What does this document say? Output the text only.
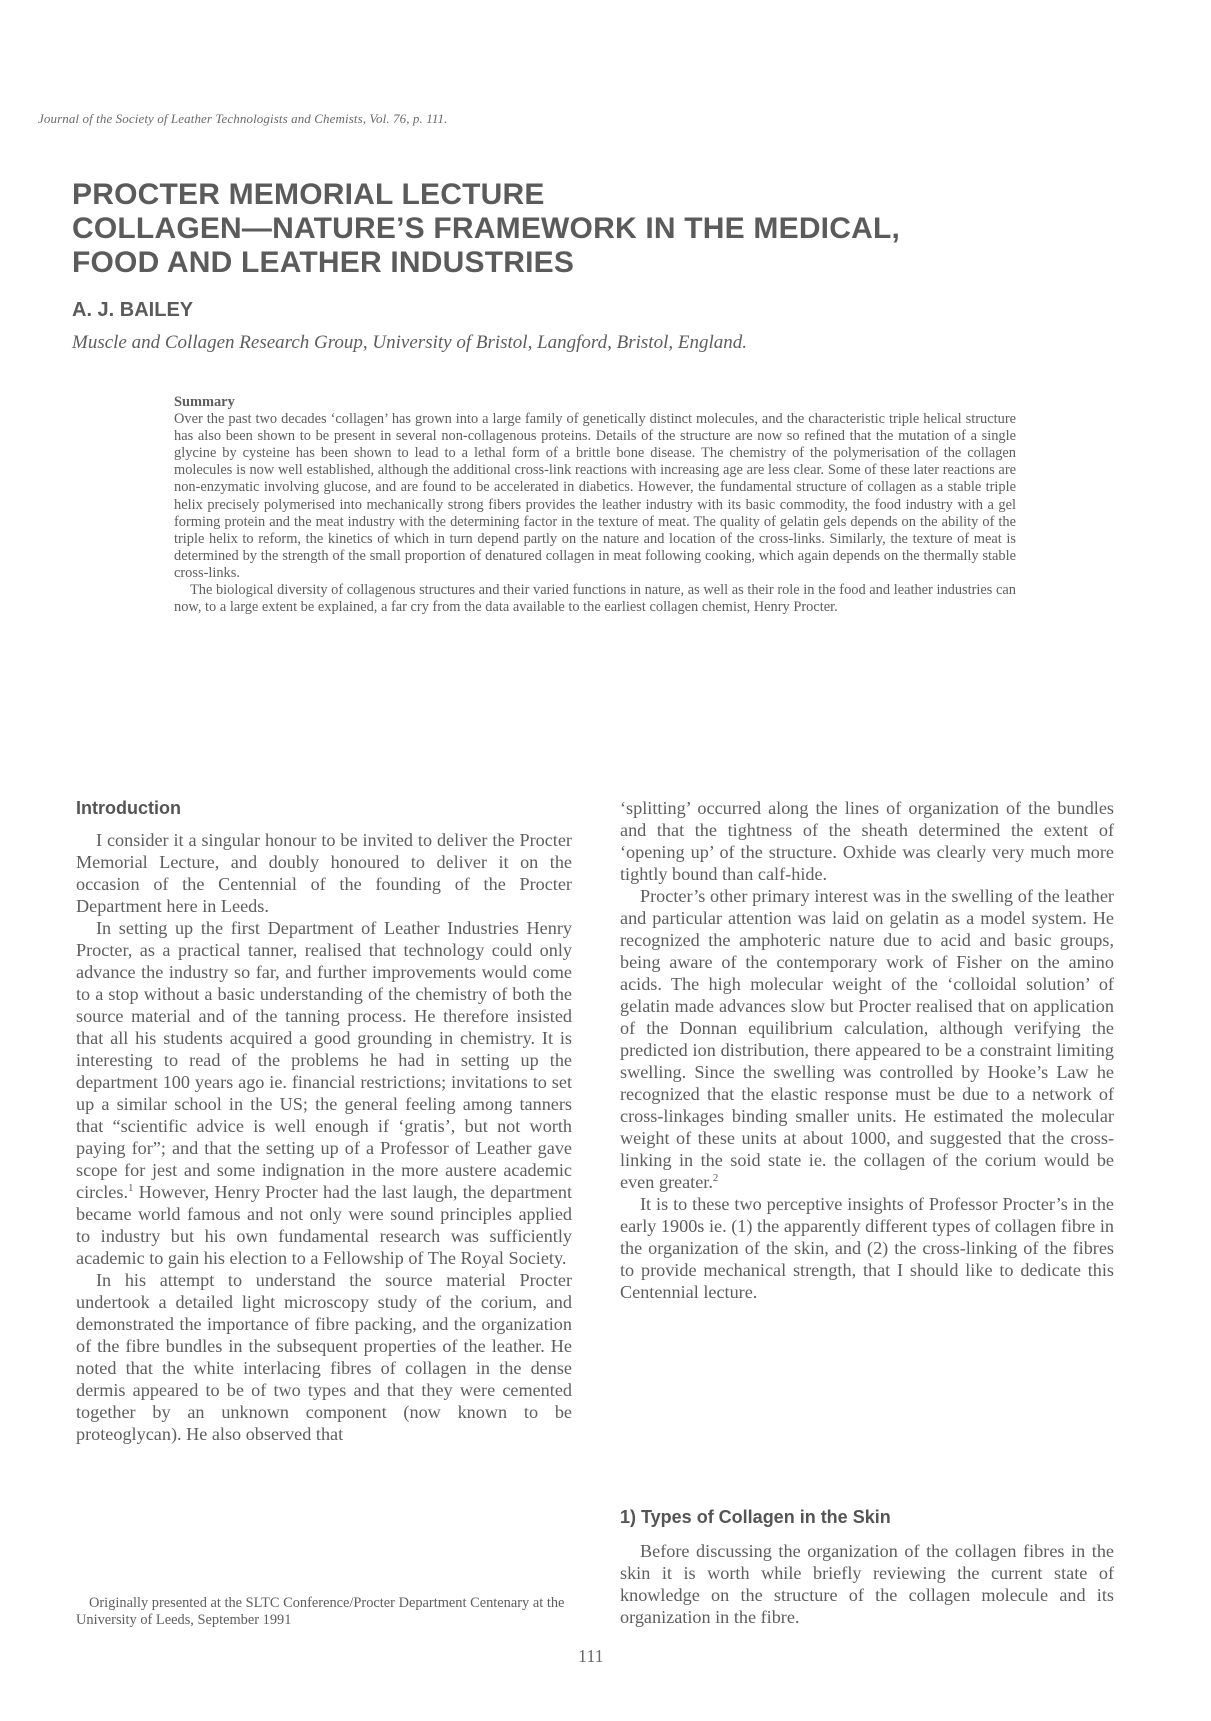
Journal of the Society of Leather Technologists and Chemists, Vol. 76, p. 111.
PROCTER MEMORIAL LECTURE
COLLAGEN—NATURE’S FRAMEWORK IN THE MEDICAL,
FOOD AND LEATHER INDUSTRIES
A. J. BAILEY
Muscle and Collagen Research Group, University of Bristol, Langford, Bristol, England.
Summary

Over the past two decades ‘collagen’ has grown into a large family of genetically distinct molecules, and the characteristic triple helical structure has also been shown to be present in several non-collagenous proteins. Details of the structure are now so refined that the mutation of a single glycine by cysteine has been shown to lead to a lethal form of a brittle bone disease. The chemistry of the polymerisation of the collagen molecules is now well established, although the additional cross-link reactions with increasing age are less clear. Some of these later reactions are non-enzymatic involving glucose, and are found to be accelerated in diabetics. However, the fundamental structure of collagen as a stable triple helix precisely polymerised into mechanically strong fibers provides the leather industry with its basic commodity, the food industry with a gel forming protein and the meat industry with the determining factor in the texture of meat. The quality of gelatin gels depends on the ability of the triple helix to reform, the kinetics of which in turn depend partly on the nature and location of the cross-links. Similarly, the texture of meat is determined by the strength of the small proportion of denatured collagen in meat following cooking, which again depends on the thermally stable cross-links.

The biological diversity of collagenous structures and their varied functions in nature, as well as their role in the food and leather industries can now, to a large extent be explained, a far cry from the data available to the earliest collagen chemist, Henry Procter.

Introduction

I consider it a singular honour to be invited to deliver the Procter Memorial Lecture, and doubly honoured to deliver it on the occasion of the Centennial of the founding of the Procter Department here in Leeds.

In setting up the first Department of Leather Industries Henry Procter, as a practical tanner, realised that technology could only advance the industry so far, and further improvements would come to a stop without a basic understanding of the chemistry of both the source material and of the tanning process. He therefore insisted that all his students acquired a good grounding in chemistry. It is interesting to read of the problems he had in setting up the department 100 years ago ie. financial restrictions; invitations to set up a similar school in the US; the general feeling among tanners that “scientific advice is well enough if ‘gratis’, but not worth paying for”; and that the setting up of a Professor of Leather gave scope for jest and some indignation in the more austere academic circles.$^1$ However, Henry Procter had the last laugh, the department became world famous and not only were sound principles applied to industry but his own fundamental research was sufficiently academic to gain his election to a Fellowship of The Royal Society.

In his attempt to understand the source material Procter undertook a detailed light microscopy study of the corium, and demonstrated the importance of fibre packing, and the organization of the fibre bundles in the subsequent properties of the leather. He noted that the white interlacing fibres of collagen in the dense dermis appeared to be of two types and that they were cemented together by an unknown component (now known to be proteoglycan). He also observed that

‘splitting’ occurred along the lines of organization of the bundles and that the tightness of the sheath determined the extent of ‘opening up’ of the structure. Oxhide was clearly very much more tightly bound than calf-hide.

Procter’s other primary interest was in the swelling of the leather and particular attention was laid on gelatin as a model system. He recognized the amphoteric nature due to acid and basic groups, being aware of the contemporary work of Fisher on the amino acids. The high molecular weight of the ‘colloidal solution’ of gelatin made advances slow but Procter realised that on application of the Donnan equilibrium calculation, although verifying the predicted ion distribution, there appeared to be a constraint limiting swelling. Since the swelling was controlled by Hooke’s Law he recognized that the elastic response must be due to a network of cross-linkages binding smaller units. He estimated the molecular weight of these units at about 1000, and suggested that the cross-linking in the soid state ie. the collagen of the corium would be even greater.$^2$

It is to these two perceptive insights of Professor Procter’s in the early 1900s ie. (1) the apparently different types of collagen fibre in the organization of the skin, and (2) the cross-linking of the fibres to provide mechanical strength, that I should like to dedicate this Centennial lecture.

1) Types of Collagen in the Skin

Before discussing the organization of the collagen fibres in the skin it is worth while briefly reviewing the current state of knowledge on the structure of the collagen molecule and its organization in the fibre.

Originally presented at the SLTC Conference/Procter Department Centenary at the University of Leeds, September 1991

111
